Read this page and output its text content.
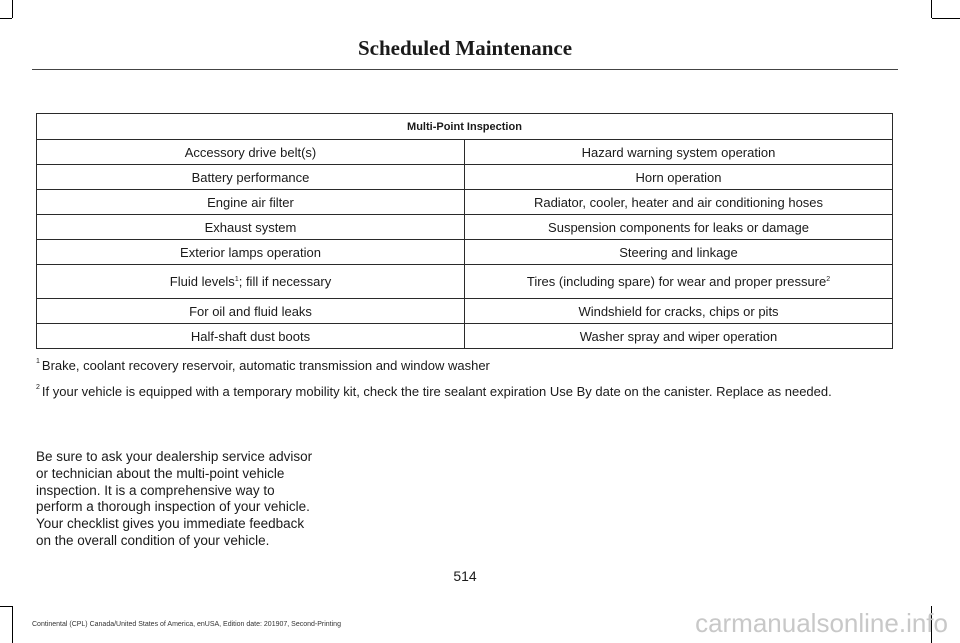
Scheduled Maintenance
Multi-Point Inspection	
Accessory drive belt(s)	Hazard warning system operation
Battery performance	Horn operation
Engine air filter	Radiator, cooler, heater and air conditioning hoses
Exhaust system	Suspension components for leaks or damage
Exterior lamps operation	Steering and linkage
Fluid levels$^1$; fill if necessary	Tires (including spare) for wear and proper pressure$^2$
For oil and fluid leaks	Windshield for cracks, chips or pits
Half-shaft dust boots	Washer spray and wiper operation
$^1$ Brake, coolant recovery reservoir, automatic transmission and window washer
$^2$ If your vehicle is equipped with a temporary mobility kit, check the tire sealant expiration Use By date on the canister. Replace as needed.
Be sure to ask your dealership service advisor or technician about the multi-point vehicle inspection. It is a comprehensive way to perform a thorough inspection of your vehicle. Your checklist gives you immediate feedback on the overall condition of your vehicle.
514
Continental (CPL) Canada/United States of America, enUSA, Edition date: 201907, Second-Printing	carmanualsonline.info
